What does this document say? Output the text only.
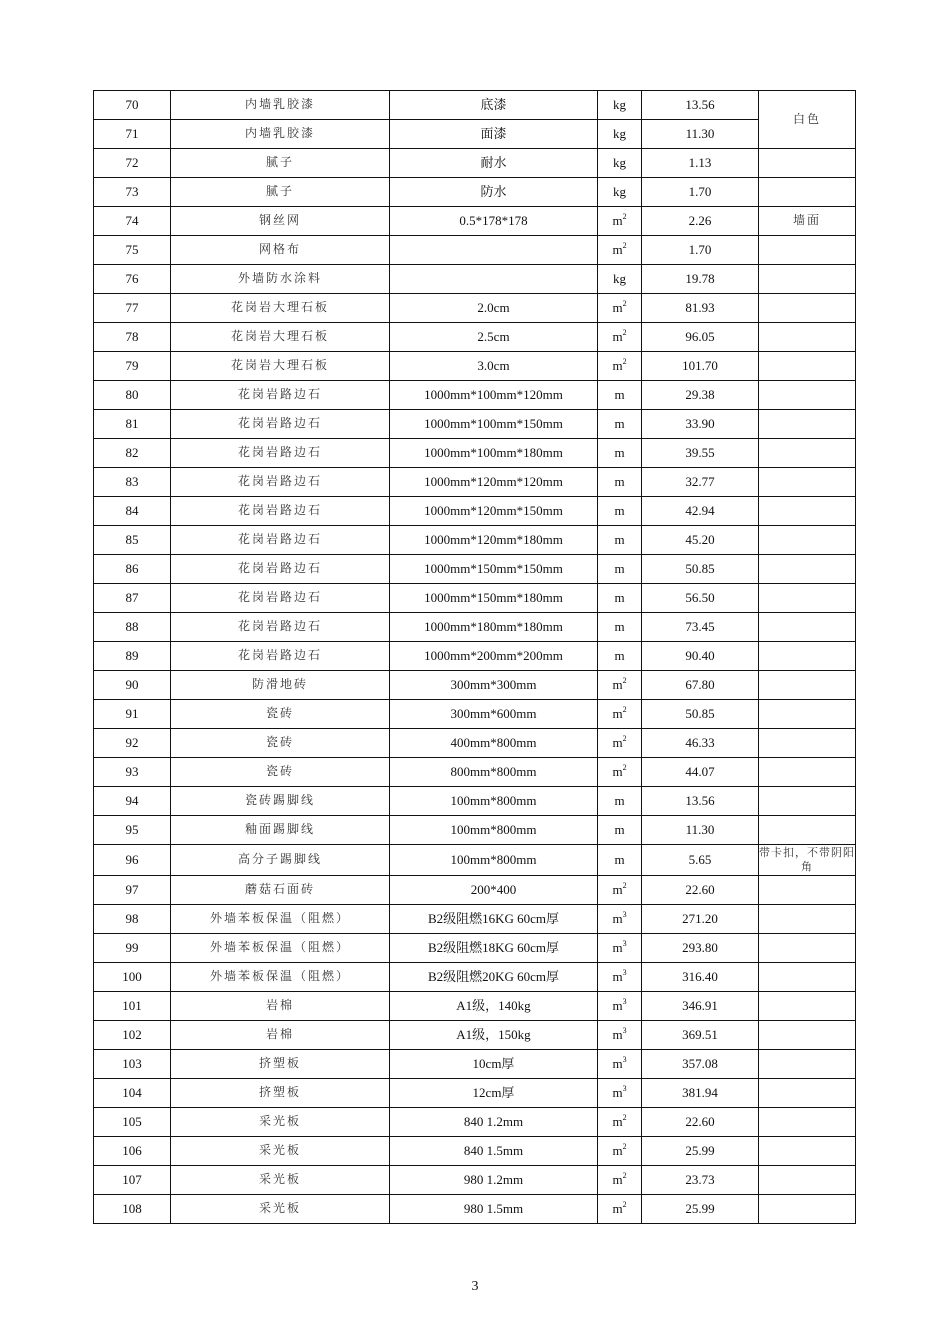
70	内墙乳胶漆	底漆	kg	13.56	白色
71	内墙乳胶漆	面漆	kg	11.30	
72	腻子	耐水	kg	1.13	
73	腻子	防水	kg	1.70	
74	钢丝网	0.5*178*178	$m^2$	2.26	墙面
75	网格布		$m^2$	1.70	
76	外墙防水涂料		kg	19.78	
77	花岗岩大理石板	2.0cm	$m^2$	81.93	
78	花岗岩大理石板	2.5cm	$m^2$	96.05	
79	花岗岩大理石板	3.0cm	$m^2$	101.70	
80	花岗岩路边石	1000mm*100mm*120mm	m	29.38	
81	花岗岩路边石	1000mm*100mm*150mm	m	33.90	
82	花岗岩路边石	1000mm*100mm*180mm	m	39.55	
83	花岗岩路边石	1000mm*120mm*120mm	m	32.77	
84	花岗岩路边石	1000mm*120mm*150mm	m	42.94	
85	花岗岩路边石	1000mm*120mm*180mm	m	45.20	
86	花岗岩路边石	1000mm*150mm*150mm	m	50.85	
87	花岗岩路边石	1000mm*150mm*180mm	m	56.50	
88	花岗岩路边石	1000mm*180mm*180mm	m	73.45	
89	花岗岩路边石	1000mm*200mm*200mm	m	90.40	
90	防滑地砖	300mm*300mm	$m^2$	67.80	
91	瓷砖	300mm*600mm	$m^2$	50.85	
92	瓷砖	400mm*800mm	$m^2$	46.33	
93	瓷砖	800mm*800mm	$m^2$	44.07	
94	瓷砖踢脚线	100mm*800mm	m	13.56	
95	釉面踢脚线	100mm*800mm	m	11.30	
96	高分子踢脚线	100mm*800mm	m	5.65	带卡扣，不带阴阳角
97	蘑菇石面砖	200*400	$m^2$	22.60	
98	外墙苯板保温（阻燃）	B2级阻燃16KG 60cm厚	$m^3$	271.20	
99	外墙苯板保温（阻燃）	B2级阻燃18KG 60cm厚	$m^3$	293.80	
100	外墙苯板保温（阻燃）	B2级阻燃20KG 60cm厚	$m^3$	316.40	
101	岩棉	A1级，140kg	$m^3$	346.91	
102	岩棉	A1级，150kg	$m^3$	369.51	
103	挤塑板	10cm厚	$m^3$	357.08	
104	挤塑板	12cm厚	$m^3$	381.94	
105	采光板	840 1.2mm	$m^2$	22.60	
106	采光板	840 1.5mm	$m^2$	25.99	
107	采光板	980 1.2mm	$m^2$	23.73	
108	采光板	980 1.5mm	$m^2$	25.99	
3
